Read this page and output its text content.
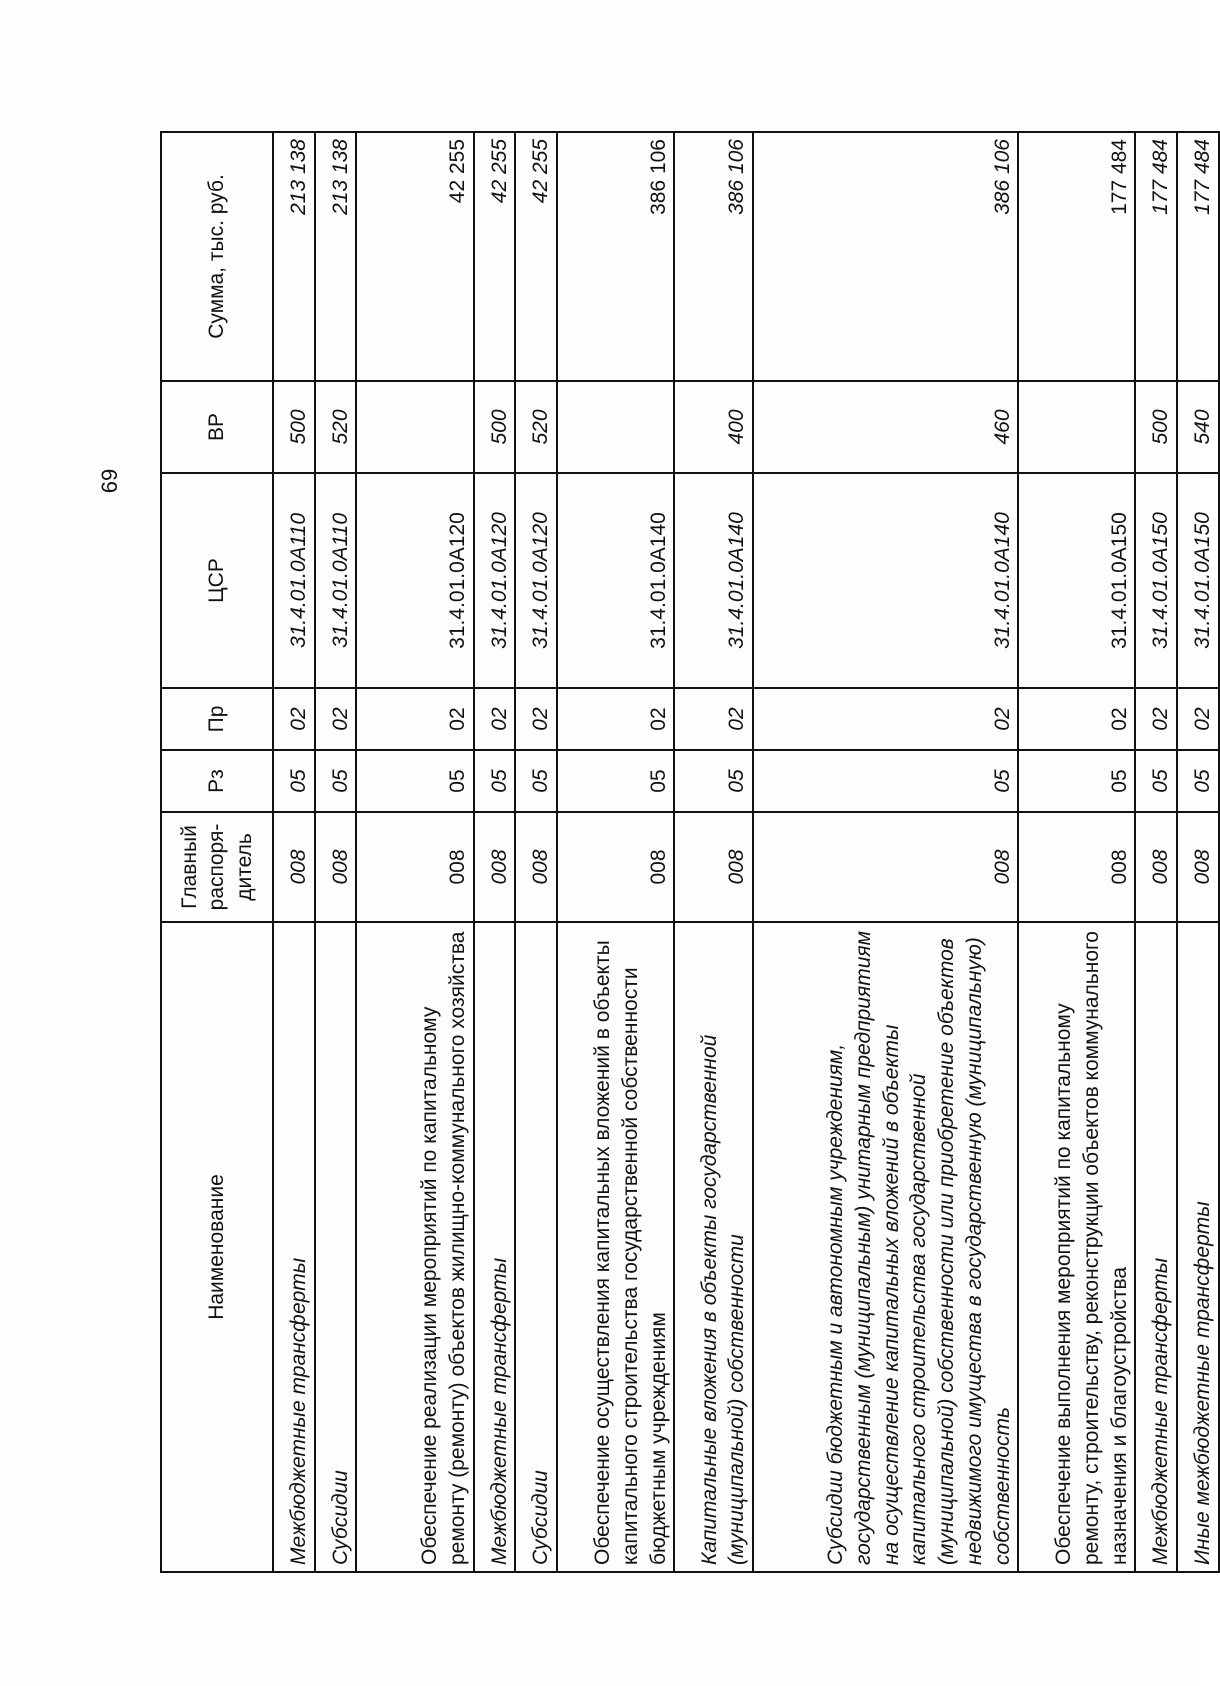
69
Наименование	Главный распоря- дитель	Рз	Пр	ЦСР	ВР	Сумма, тыс. руб.
Межбюджетные трансферты	008	05	02	31.4.01.0А110	500	213 138
Субсидии	008	05	02	31.4.01.0А110	520	213 138
Обеспечение реализации мероприятий по капитальному ремонту (ремонту) объектов жилищно-коммунального хозяйства	008	05	02	31.4.01.0А120		42 255
Межбюджетные трансферты	008	05	02	31.4.01.0А120	500	42 255
Субсидии	008	05	02	31.4.01.0А120	520	42 255
Обеспечение осуществления капитальных вложений в объекты капитального строительства государственной собственности бюджетным учреждениям	008	05	02	31.4.01.0А140		386 106
Капитальные вложения в объекты государственной (муниципальной) собственности	008	05	02	31.4.01.0А140	400	386 106
Субсидии бюджетным и автономным учреждениям, государственным (муниципальным) унитарным предприятиям на осуществление капитальных вложений в объекты капитального строительства государственной (муниципальной) собственности или приобретение объектов недвижимого имущества в государственную (муниципальную) собственность	008	05	02	31.4.01.0А140	460	386 106
Обеспечение выполнения мероприятий по капитальному ремонту, строительству, реконструкции объектов коммунального назначения и благоустройства	008	05	02	31.4.01.0А150		177 484
Межбюджетные трансферты	008	05	02	31.4.01.0А150	500	177 484
Иные межбюджетные трансферты	008	05	02	31.4.01.0А150	540	177 484
